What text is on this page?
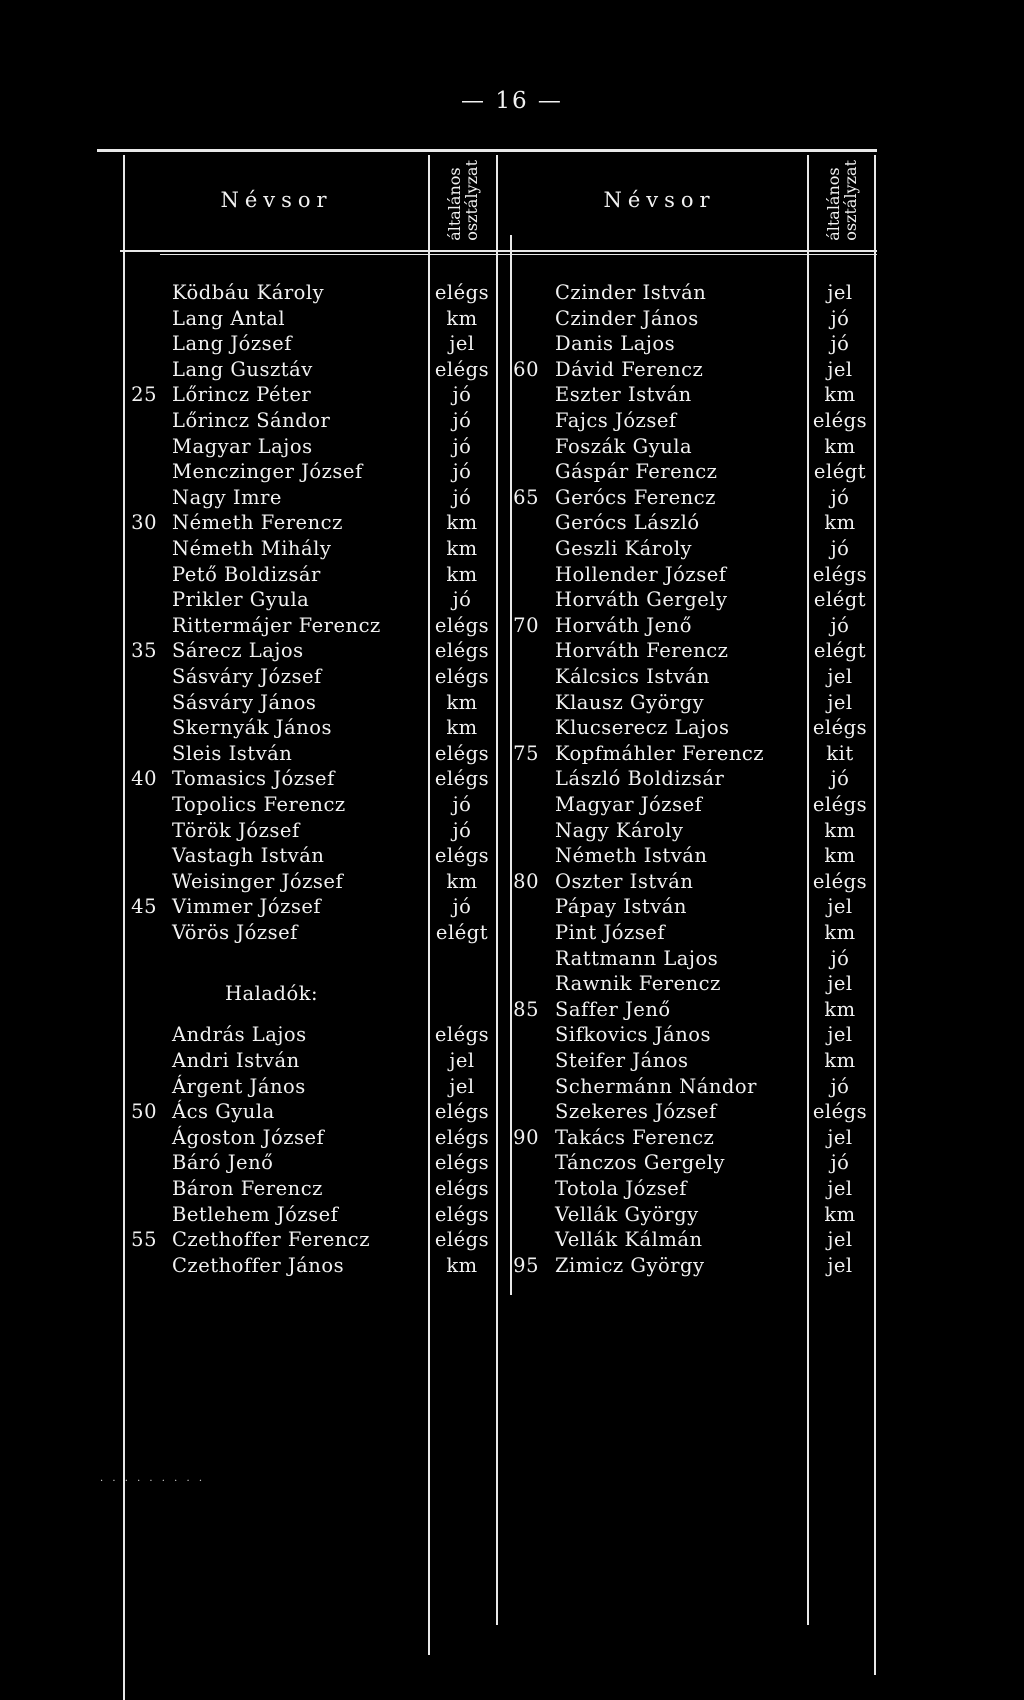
— 16 —
Névsor	általános
osztályzat	Névsor	általános
osztályzat
Ködbáu Károly	elégs
Lang Antal	km
Lang József	jel
Lang Gusztáv	elégs
25 Lőrincz Péter	jó
Lőrincz Sándor	jó
Magyar Lajos	jó
Menczinger József	jó
Nagy Imre	jó
30 Németh Ferencz	km
Németh Mihály	km
Pető Boldizsár	km
Prikler Gyula	jó
Rittermájer Ferencz	elégs
35 Sárecz Lajos	elégs
Sásváry József	elégs
Sásváry János	km
Skernyák János	km
Sleis István	elégs
40 Tomasics József	elégs
Topolics Ferencz	jó
Török József	jó
Vastagh István	elégs
Weisinger József	km
45 Vimmer József	jó
Vörös József	elégt
Haladók:
András Lajos	elégs
Andri István	jel
Árgent János	jel
50 Ács Gyula	elégs
Ágoston József	elégs
Báró Jenő	elégs
Báron Ferencz	elégs
Betlehem József	elégs
55 Czethoffer Ferencz	elégs
Czethoffer János	km
Czinder István	jel
Czinder János	jó
Danis Lajos	jó
60 Dávid Ferencz	jel
Eszter István	km
Fajcs József	elégs
Foszák Gyula	km
Gáspár Ferencz	elégt
65 Gerócs Ferencz	jó
Gerócs László	km
Geszli Károly	jó
Hollender József	elégs
Horváth Gergely	elégt
70 Horváth Jenő	jó
Horváth Ferencz	elégt
Kálcsics István	jel
Klausz György	jel
Klucserecz Lajos	elégs
75 Kopfmáhler Ferencz	kit
László Boldizsár	jó
Magyar József	elégs
Nagy Károly	km
Németh István	km
80 Oszter István	elégs
Pápay István	jel
Pint József	km
Rattmann Lajos	jó
Rawnik Ferencz	jel
85 Saffer Jenő	km
Sifkovics János	jel
Steifer János	km
Schermánn Nándor	jó
Szekeres József	elégs
90 Takács Ferencz	jel
Tánczos Gergely	jó
Totola József	jel
Vellák György	km
Vellák Kálmán	jel
95 Zimicz György	jel
· · · · · · · · ·
